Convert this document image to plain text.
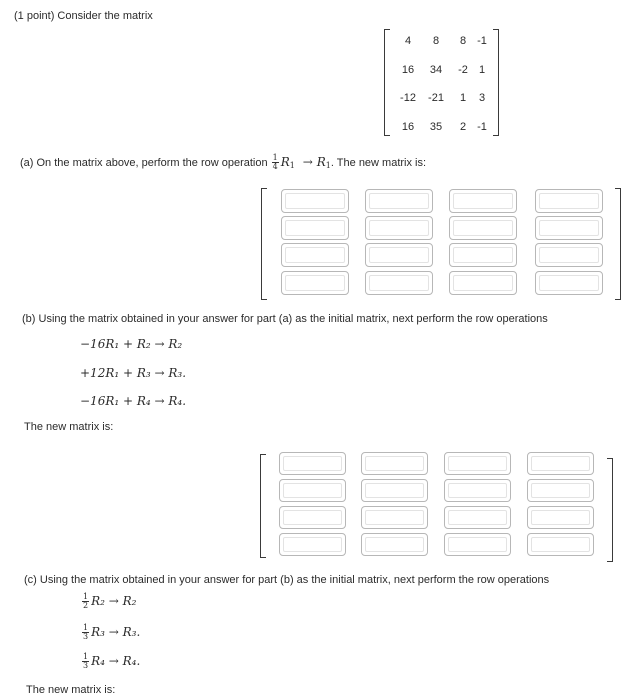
(1 point) Consider the matrix
4	8	8	-1
16	34	-2	1
-12	-21	1	3
16	35	2	-1
(a) On the matrix above, perform the row operation $\frac{1}{4} R_1 \to R_1$ . The new matrix is:
(b) Using the matrix obtained in your answer for part (a) as the initial matrix, next perform the row operations
−16R₁ + R₂ → R₂
+12R₁ + R₃ → R₃.
−16R₁ + R₄ → R₄.
The new matrix is:
(c) Using the matrix obtained in your answer for part (b) as the initial matrix, next perform the row operations
$\frac{1}{2} R_2 \to R_2$
$\frac{1}{3} R_3 \to R_3$.
$\frac{1}{3} R_4 \to R_4$.
The new matrix is:
